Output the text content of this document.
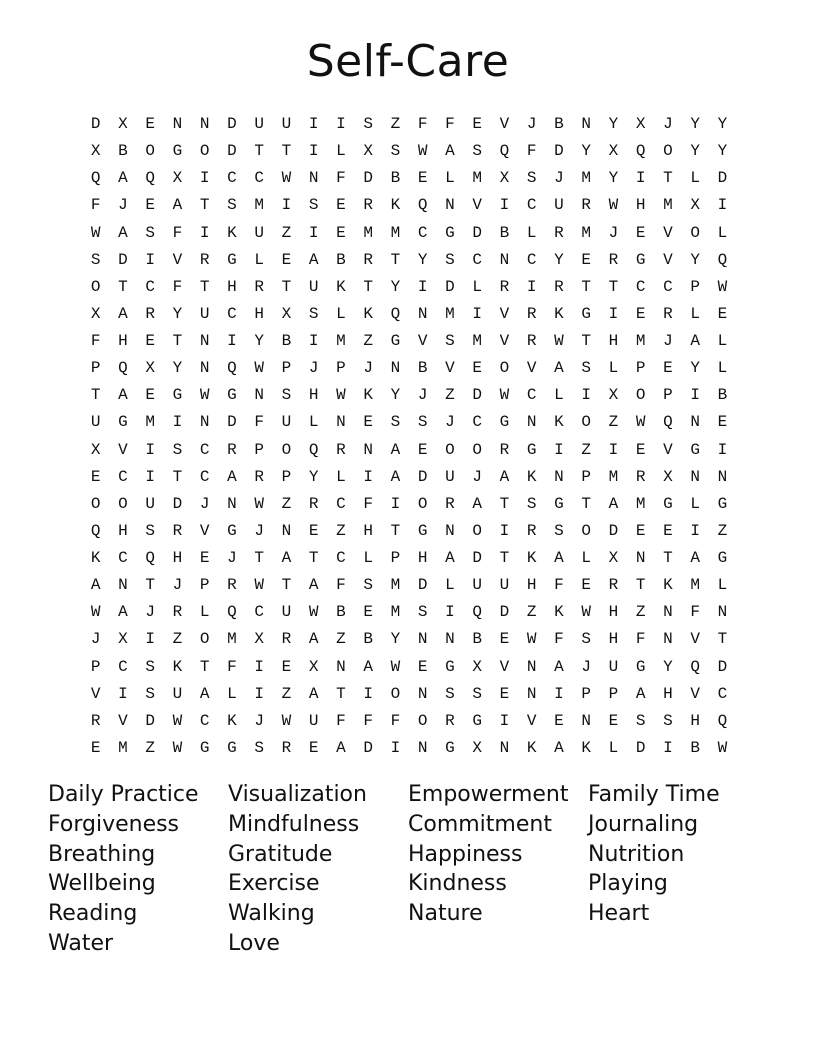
Self-Care
D	X	E	N	N	D	U	U	I	I	S	Z	F	F	E	V	J	B	N	Y	X	J	Y	Y
X	B	O	G	O	D	T	T	I	L	X	S	W	A	S	Q	F	D	Y	X	Q	O	Y	Y
Q	A	Q	X	I	C	C	W	N	F	D	B	E	L	M	X	S	J	M	Y	I	T	L	D
F	J	E	A	T	S	M	I	S	E	R	K	Q	N	V	I	C	U	R	W	H	M	X	I
W	A	S	F	I	K	U	Z	I	E	M	M	C	G	D	B	L	R	M	J	E	V	O	L
S	D	I	V	R	G	L	E	A	B	R	T	Y	S	C	N	C	Y	E	R	G	V	Y	Q
O	T	C	F	T	H	R	T	U	K	T	Y	I	D	L	R	I	R	T	T	C	C	P	W
X	A	R	Y	U	C	H	X	S	L	K	Q	N	M	I	V	R	K	G	I	E	R	L	E
F	H	E	T	N	I	Y	B	I	M	Z	G	V	S	M	V	R	W	T	H	M	J	A	L
P	Q	X	Y	N	Q	W	P	J	P	J	N	B	V	E	O	V	A	S	L	P	E	Y	L
T	A	E	G	W	G	N	S	H	W	K	Y	J	Z	D	W	C	L	I	X	O	P	I	B
U	G	M	I	N	D	F	U	L	N	E	S	S	J	C	G	N	K	O	Z	W	Q	N	E
X	V	I	S	C	R	P	O	Q	R	N	A	E	O	O	R	G	I	Z	I	E	V	G	I
E	C	I	T	C	A	R	P	Y	L	I	A	D	U	J	A	K	N	P	M	R	X	N	N
O	O	U	D	J	N	W	Z	R	C	F	I	O	R	A	T	S	G	T	A	M	G	L	G
Q	H	S	R	V	G	J	N	E	Z	H	T	G	N	O	I	R	S	O	D	E	E	I	Z
K	C	Q	H	E	J	T	A	T	C	L	P	H	A	D	T	K	A	L	X	N	T	A	G
A	N	T	J	P	R	W	T	A	F	S	M	D	L	U	U	H	F	E	R	T	K	M	L
W	A	J	R	L	Q	C	U	W	B	E	M	S	I	Q	D	Z	K	W	H	Z	N	F	N
J	X	I	Z	O	M	X	R	A	Z	B	Y	N	N	B	E	W	F	S	H	F	N	V	T
P	C	S	K	T	F	I	E	X	N	A	W	E	G	X	V	N	A	J	U	G	Y	Q	D
V	I	S	U	A	L	I	Z	A	T	I	O	N	S	S	E	N	I	P	P	A	H	V	C
R	V	D	W	C	K	J	W	U	F	F	F	O	R	G	I	V	E	N	E	S	S	H	Q
E	M	Z	W	G	G	S	R	E	A	D	I	N	G	X	N	K	A	K	L	D	I	B	W
Daily Practice
Forgiveness
Breathing
Wellbeing
Reading
Water
Visualization
Mindfulness
Gratitude
Exercise
Walking
Love
Empowerment
Commitment
Happiness
Kindness
Nature
Family Time
Journaling
Nutrition
Playing
Heart
